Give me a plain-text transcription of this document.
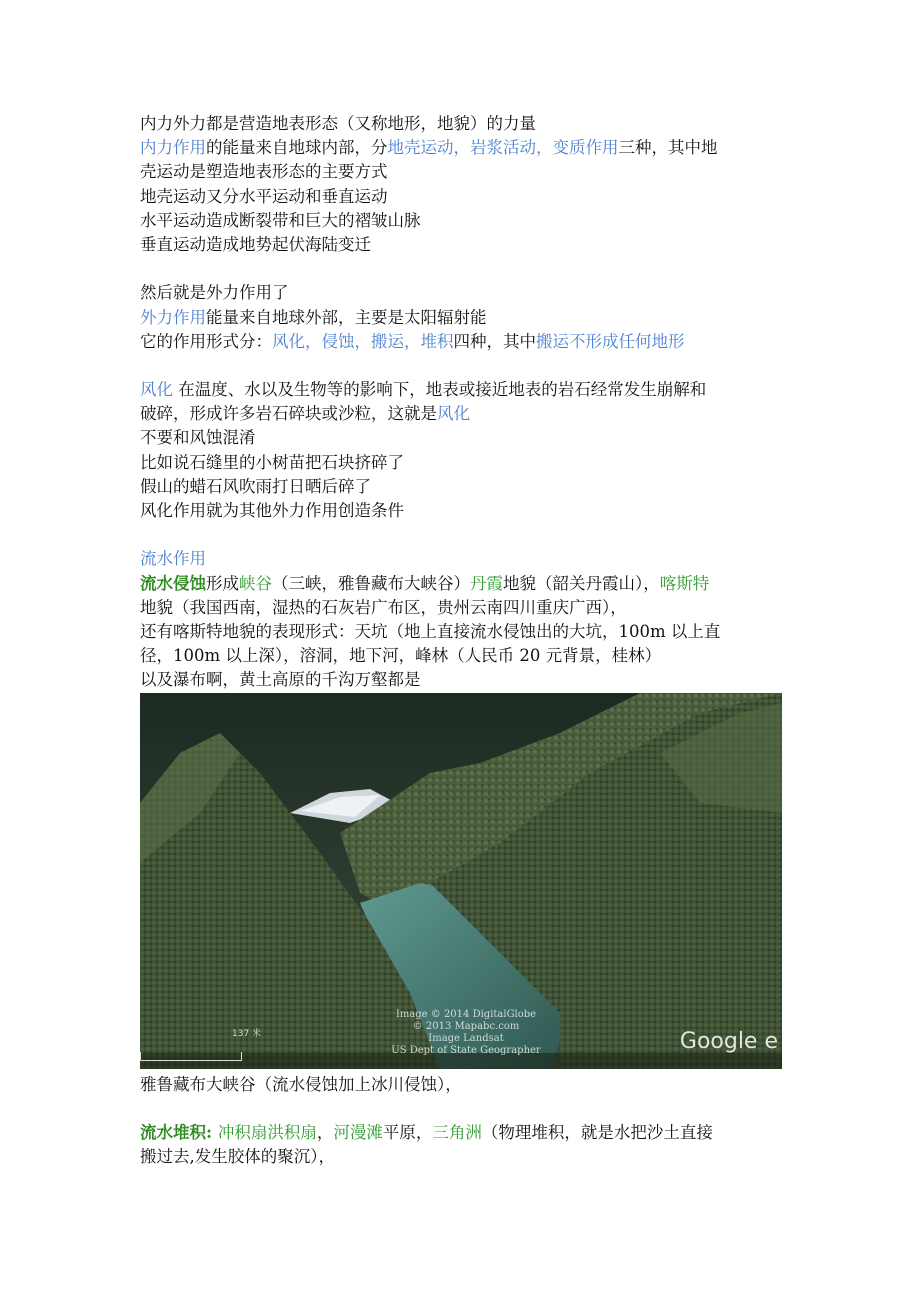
内力外力都是营造地表形态（又称地形，地貌）的力量
内力作用的能量来自地球内部，分地壳运动，岩浆活动，变质作用三种，其中地
壳运动是塑造地表形态的主要方式
地壳运动又分水平运动和垂直运动
水平运动造成断裂带和巨大的褶皱山脉
垂直运动造成地势起伏海陆变迁
然后就是外力作用了
外力作用能量来自地球外部，主要是太阳辐射能
它的作用形式分：风化，侵蚀，搬运，堆积四种，其中搬运不形成任何地形
风化 在温度、水以及生物等的影响下，地表或接近地表的岩石经常发生崩解和
破碎，形成许多岩石碎块或沙粒，这就是风化
不要和风蚀混淆
比如说石缝里的小树苗把石块挤碎了
假山的蜡石风吹雨打日晒后碎了
风化作用就为其他外力作用创造条件
流水作用
流水侵蚀形成峡谷（三峡，雅鲁藏布大峡谷）丹霞地貌（韶关丹霞山），喀斯特
地貌（我国西南，湿热的石灰岩广布区，贵州云南四川重庆广西），
还有喀斯特地貌的表现形式：天坑（地上直接流水侵蚀出的大坑，100m 以上直
径，100m 以上深），溶洞，地下河，峰林（人民币 20 元背景，桂林）
以及瀑布啊，黄土高原的千沟万壑都是
Image © 2014 DigitalGlobe
© 2013 Mapabc.com
Image Landsat
US Dept of State Geographer	Google e
137 米
雅鲁藏布大峡谷（流水侵蚀加上冰川侵蚀），
流水堆积: 冲积扇洪积扇，河漫滩平原，三角洲（物理堆积，就是水把沙土直接
搬过去,发生胶体的聚沉），
